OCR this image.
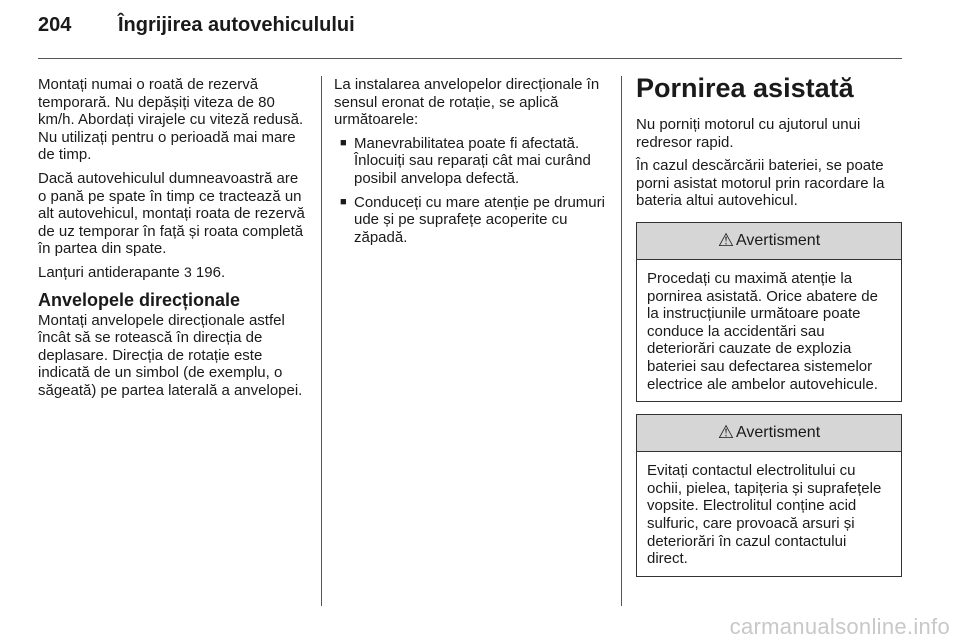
204	Îngrijirea autovehiculului

Montați numai o roată de rezervă temporară. Nu depășiți viteza de 80 km/h. Abordați virajele cu viteză redusă. Nu utilizați pentru o perioadă mai mare de timp.

Dacă autovehiculul dumneavoastră are o pană pe spate în timp ce tractează un alt autovehicul, montați roata de rezervă de uz temporar în față și roata completă în partea din spate.

Lanțuri antiderapante 3 196.

Anvelopele direcționale

Montați anvelopele direcționale astfel încât să se rotească în direcția de deplasare. Direcția de rotație este indicată de un simbol (de exemplu, o săgeată) pe partea laterală a anvelopei.

La instalarea anvelopelor direcționale în sensul eronat de rotație, se aplică următoarele:

■ Manevrabilitatea poate fi afectată. Înlocuiți sau reparați cât mai curând posibil anvelopa defectă.
■ Conduceți cu mare atenție pe drumuri ude și pe suprafețe acoperite cu zăpadă.
Pornirea asistată

Nu porniți motorul cu ajutorul unui redresor rapid.

În cazul descărcării bateriei, se poate porni asistat motorul prin racordare la bateria altui autovehicul.

⚠ Avertisment
Procedați cu maximă atenție la pornirea asistată. Orice abatere de la instrucțiunile următoare poate conduce la accidentări sau deteriorări cauzate de explozia bateriei sau defectarea sistemelor electrice ale ambelor autovehicule.
⚠ Avertisment
Evitați contactul electrolitului cu ochii, pielea, tapițeria și suprafețele vopsite. Electrolitul conține acid sulfuric, care provoacă arsuri și deteriorări în cazul contactului direct.
carmanualsonline.info
